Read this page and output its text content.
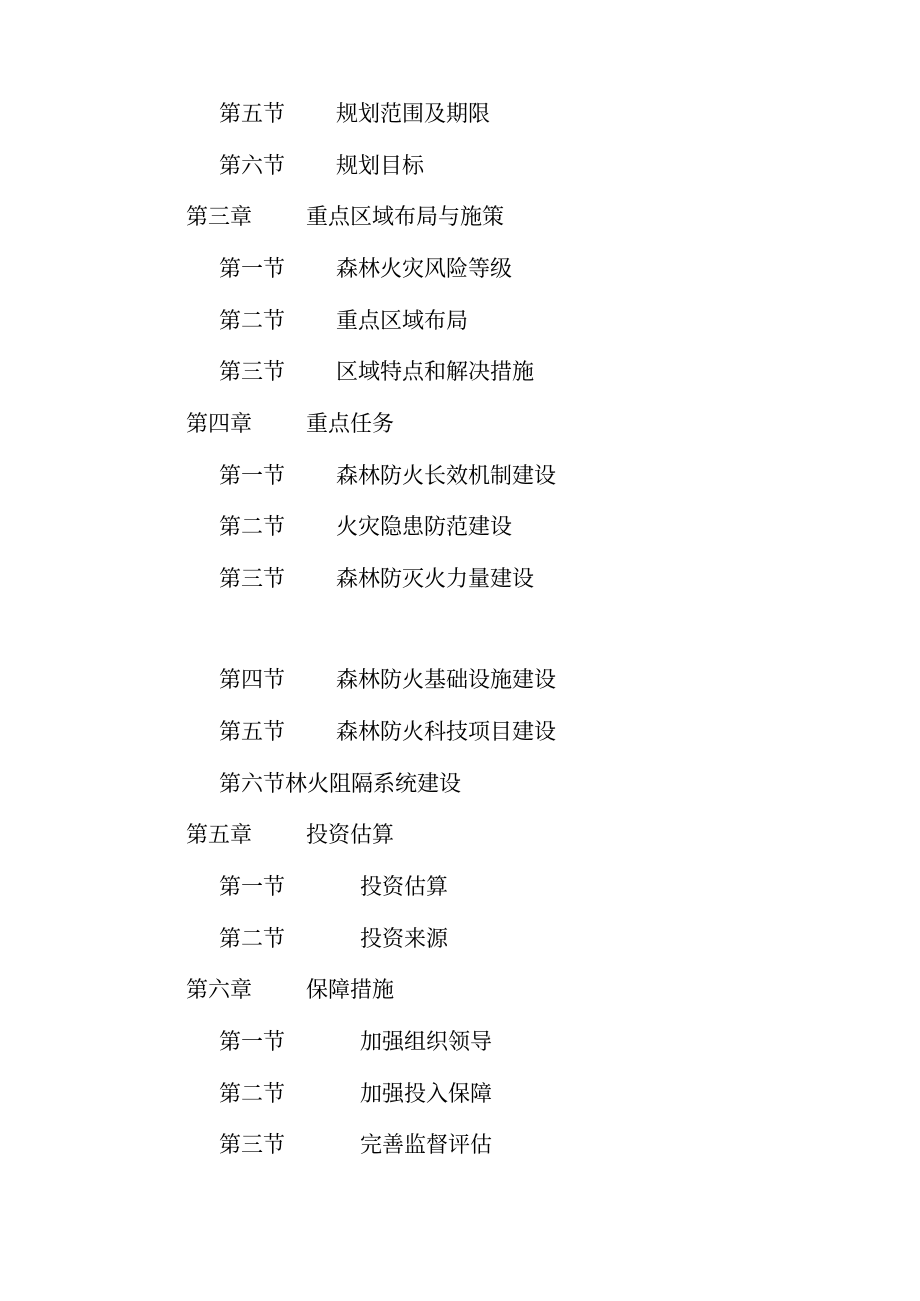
第五节 规划范围及期限
第六节 规划目标
第三章 重点区域布局与施策
第一节 森林火灾风险等级
第二节 重点区域布局
第三节 区域特点和解决措施
第四章 重点任务
第一节 森林防火长效机制建设
第二节 火灾隐患防范建设
第三节 森林防灭火力量建设
第四节 森林防火基础设施建设
第五节 森林防火科技项目建设
第六节林火阻隔系统建设
第五章 投资估算
第一节	投资估算
第二节	投资来源
第六章 保障措施
第一节	加强组织领导
第二节	加强投入保障
第三节	完善监督评估
